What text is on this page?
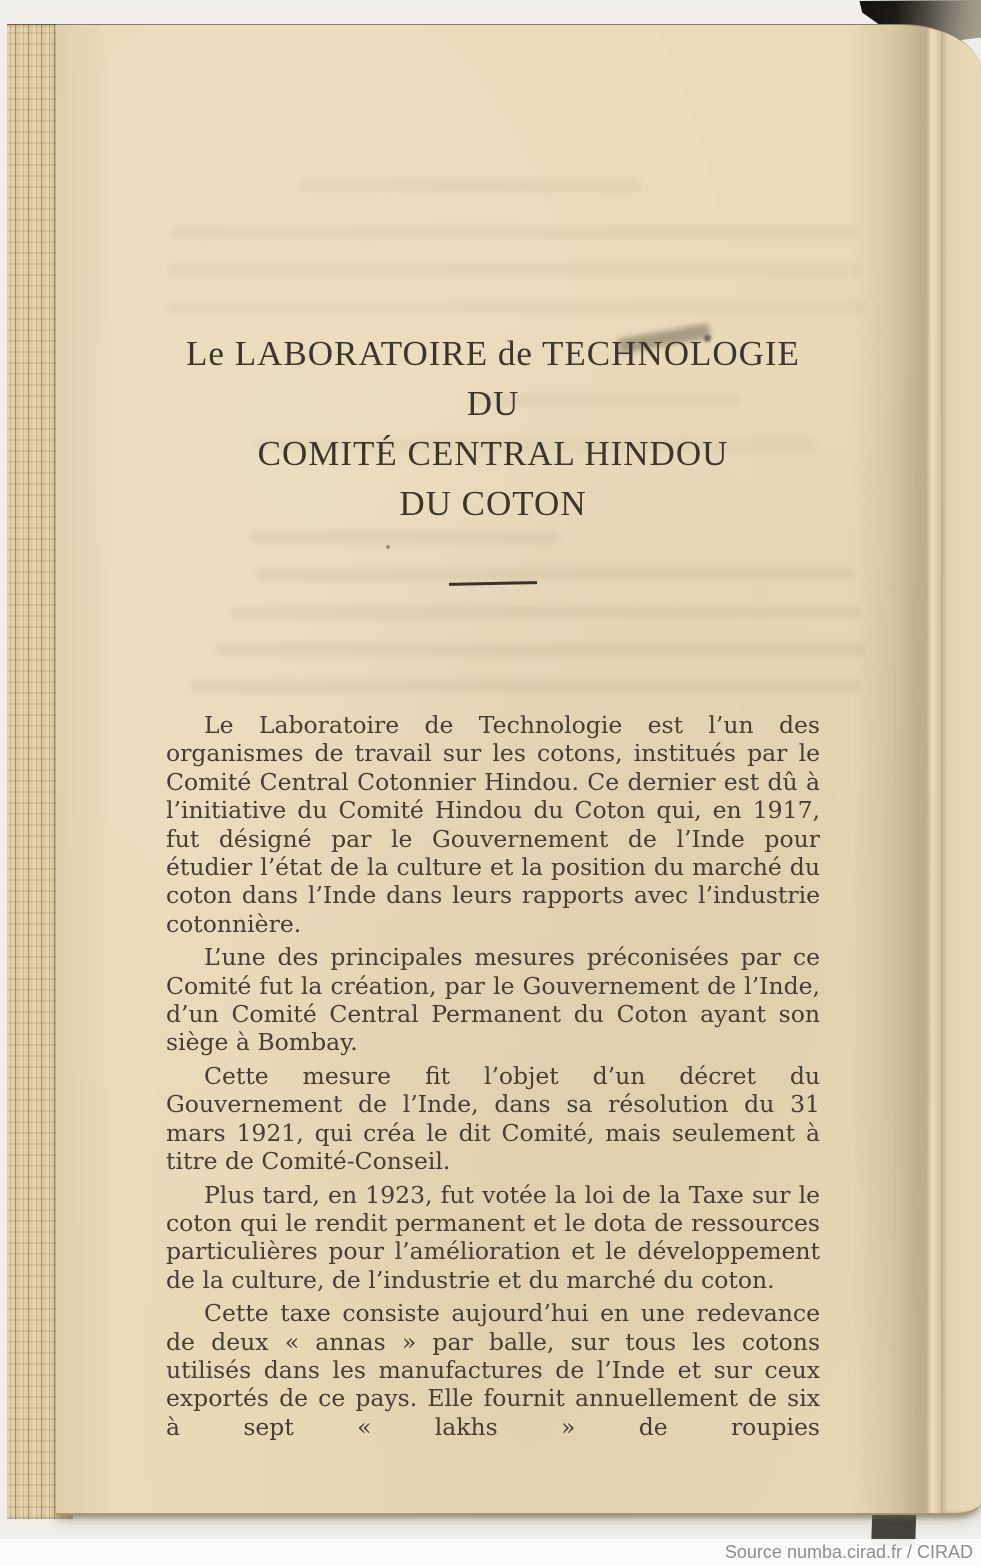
Le LABORATOIRE de TECHNOLOGIE
DU
COMITÉ CENTRAL HINDOU
DU COTON

Le Laboratoire de Technologie est l’un des organismes de travail sur les cotons, institués par le Comité Central Cotonnier Hindou. Ce dernier est dû à l’initiative du Comité Hindou du Coton qui, en 1917, fut désigné par le Gouvernement de l’Inde pour étudier l’état de la culture et la position du marché du coton dans l’Inde dans leurs rapports avec l’industrie cotonnière.

L’une des principales mesures préconisées par ce Comité fut la création, par le Gouvernement de l’Inde, d’un Comité Central Permanent du Coton ayant son siège à Bombay.

Cette mesure fit l’objet d’un décret du Gouvernement de l’Inde, dans sa résolution du 31 mars 1921, qui créa le dit Comité, mais seulement à titre de Comité-Conseil.

Plus tard, en 1923, fut votée la loi de la Taxe sur le coton qui le rendit permanent et le dota de ressources particulières pour l’amélioration et le développement de la culture, de l’industrie et du marché du coton.

Cette taxe consiste aujourd’hui en une redevance de deux « annas » par balle, sur tous les cotons utilisés dans les manufactures de l’Inde et sur ceux exportés de ce pays. Elle fournit annuellement de six à sept « lakhs » de roupies

Source numba.cirad.fr / CIRAD
